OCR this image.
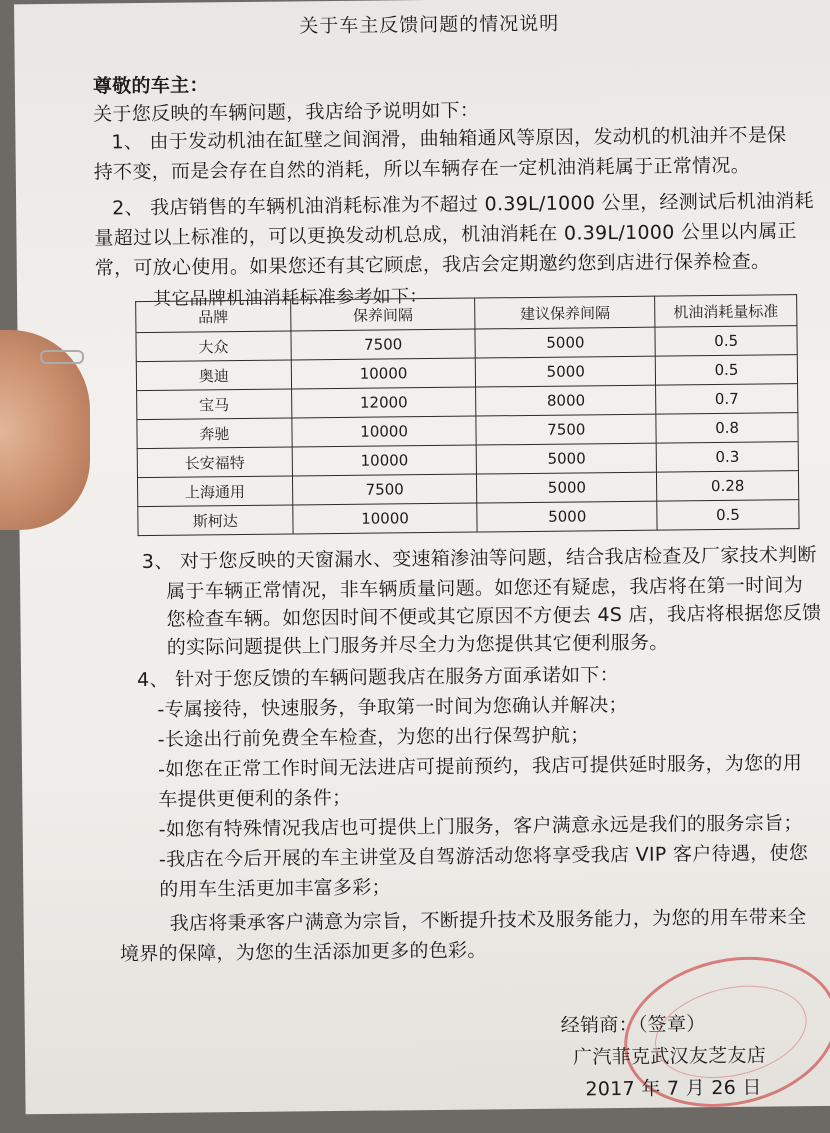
关于车主反馈问题的情况说明
尊敬的车主：
关于您反映的车辆问题，我店给予说明如下：
1、 由于发动机油在缸壁之间润滑，曲轴箱通风等原因，发动机的机油并不是保
持不变，而是会存在自然的消耗，所以车辆存在一定机油消耗属于正常情况。
2、 我店销售的车辆机油消耗标准为不超过 0.39L/1000 公里，经测试后机油消耗
量超过以上标准的，可以更换发动机总成，机油消耗在 0.39L/1000 公里以内属正
常，可放心使用。如果您还有其它顾虑，我店会定期邀约您到店进行保养检查。
其它品牌机油消耗标准参考如下：
品牌	保养间隔	建议保养间隔	机油消耗量标准
大众	7500	5000	0.5
奥迪	10000	5000	0.5
宝马	12000	8000	0.7
奔驰	10000	7500	0.8
长安福特	10000	5000	0.3
上海通用	7500	5000	0.28
斯柯达	10000	5000	0.5
3、 对于您反映的天窗漏水、变速箱渗油等问题，结合我店检查及厂家技术判断
属于车辆正常情况，非车辆质量问题。如您还有疑虑，我店将在第一时间为
您检查车辆。如您因时间不便或其它原因不方便去 4S 店，我店将根据您反馈
的实际问题提供上门服务并尽全力为您提供其它便利服务。
4、 针对于您反馈的车辆问题我店在服务方面承诺如下：
-专属接待，快速服务，争取第一时间为您确认并解决；
-长途出行前免费全车检查，为您的出行保驾护航；
-如您在正常工作时间无法进店可提前预约，我店可提供延时服务，为您的用
车提供更便利的条件；
-如您有特殊情况我店也可提供上门服务，客户满意永远是我们的服务宗旨；
-我店在今后开展的车主讲堂及自驾游活动您将享受我店 VIP 客户待遇，使您
的用车生活更加丰富多彩；
我店将秉承客户满意为宗旨，不断提升技术及服务能力，为您的用车带来全
境界的保障，为您的生活添加更多的色彩。
经销商：（签章）
广汽菲克武汉友芝友店
2017 年 7 月 26 日
